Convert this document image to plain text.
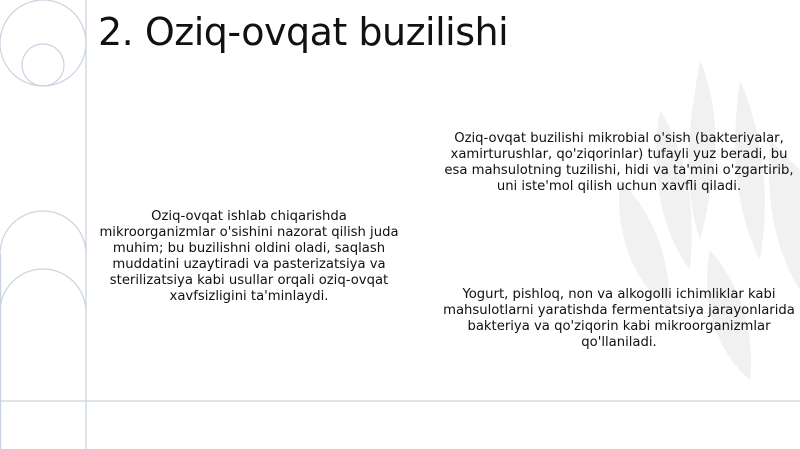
2. Oziq-ovqat buzilishi

Oziq-ovqat ishlab chiqarishda mikroorganizmlar o'sishini nazorat qilish juda muhim; bu buzilishni oldini oladi, saqlash muddatini uzaytiradi va pasterizatsiya va sterilizatsiya kabi usullar orqali oziq-ovqat xavfsizligini ta'minlaydi.

Oziq-ovqat buzilishi mikrobial o'sish (bakteriyalar, xamirturushlar, qo'ziqorinlar) tufayli yuz beradi, bu esa mahsulotning tuzilishi, hidi va ta'mini o'zgartirib, uni iste'mol qilish uchun xavfli qiladi.

Yogurt, pishloq, non va alkogolli ichimliklar kabi mahsulotlarni yaratishda fermentatsiya jarayonlarida bakteriya va qo'ziqorin kabi mikroorganizmlar qo'llaniladi.
